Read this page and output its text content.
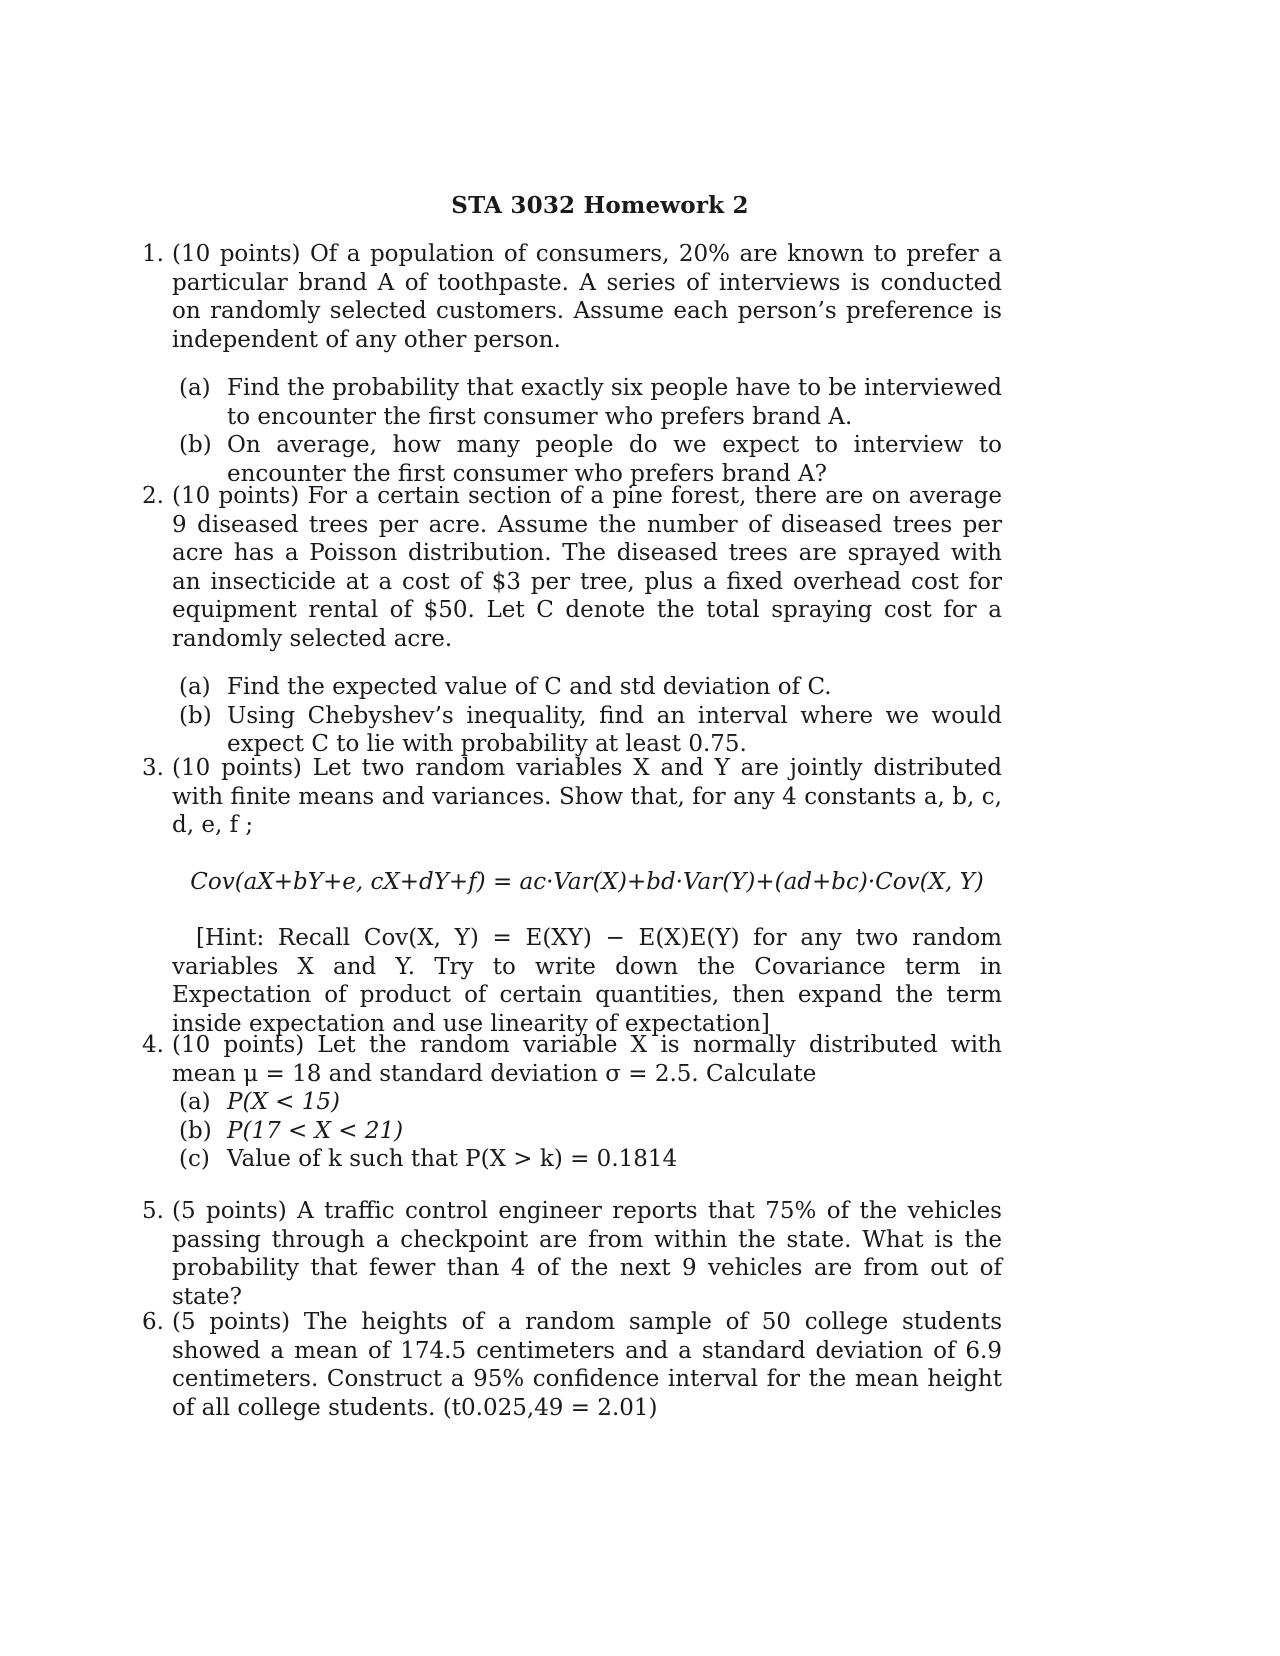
STA 3032 Homework 2
1. (10 points) Of a population of consumers, 20% are known to prefer a particular brand A of toothpaste. A series of interviews is conducted on randomly selected customers. Assume each person’s preference is independent of any other person.
(a) Find the probability that exactly six people have to be interviewed to encounter the first consumer who prefers brand A.
(b) On average, how many people do we expect to interview to encounter the first consumer who prefers brand A?
2. (10 points) For a certain section of a pine forest, there are on average 9 diseased trees per acre. Assume the number of diseased trees per acre has a Poisson distribution. The diseased trees are sprayed with an insecticide at a cost of $3 per tree, plus a fixed overhead cost for equipment rental of $50. Let C denote the total spraying cost for a randomly selected acre.
(a) Find the expected value of C and std deviation of C.
(b) Using Chebyshev’s inequality, find an interval where we would expect C to lie with probability at least 0.75.
3. (10 points) Let two random variables X and Y are jointly distributed with finite means and variances. Show that, for any 4 constants a, b, c, d, e, f ;
Cov(aX+bY+e, cX+dY+f) = ac·Var(X)+bd·Var(Y)+(ad+bc)·Cov(X, Y)
[Hint: Recall Cov(X, Y) = E(XY) − E(X)E(Y) for any two random variables X and Y. Try to write down the Covariance term in Expectation of product of certain quantities, then expand the term inside expectation and use linearity of expectation]
4. (10 points) Let the random variable X is normally distributed with mean μ = 18 and standard deviation σ = 2.5. Calculate
(a) P(X < 15)
(b) P(17 < X < 21)
(c) Value of k such that P(X > k) = 0.1814
5. (5 points) A traffic control engineer reports that 75% of the vehicles passing through a checkpoint are from within the state. What is the probability that fewer than 4 of the next 9 vehicles are from out of state?
6. (5 points) The heights of a random sample of 50 college students showed a mean of 174.5 centimeters and a standard deviation of 6.9 centimeters. Construct a 95% confidence interval for the mean height of all college students. (t0.025,49 = 2.01)
